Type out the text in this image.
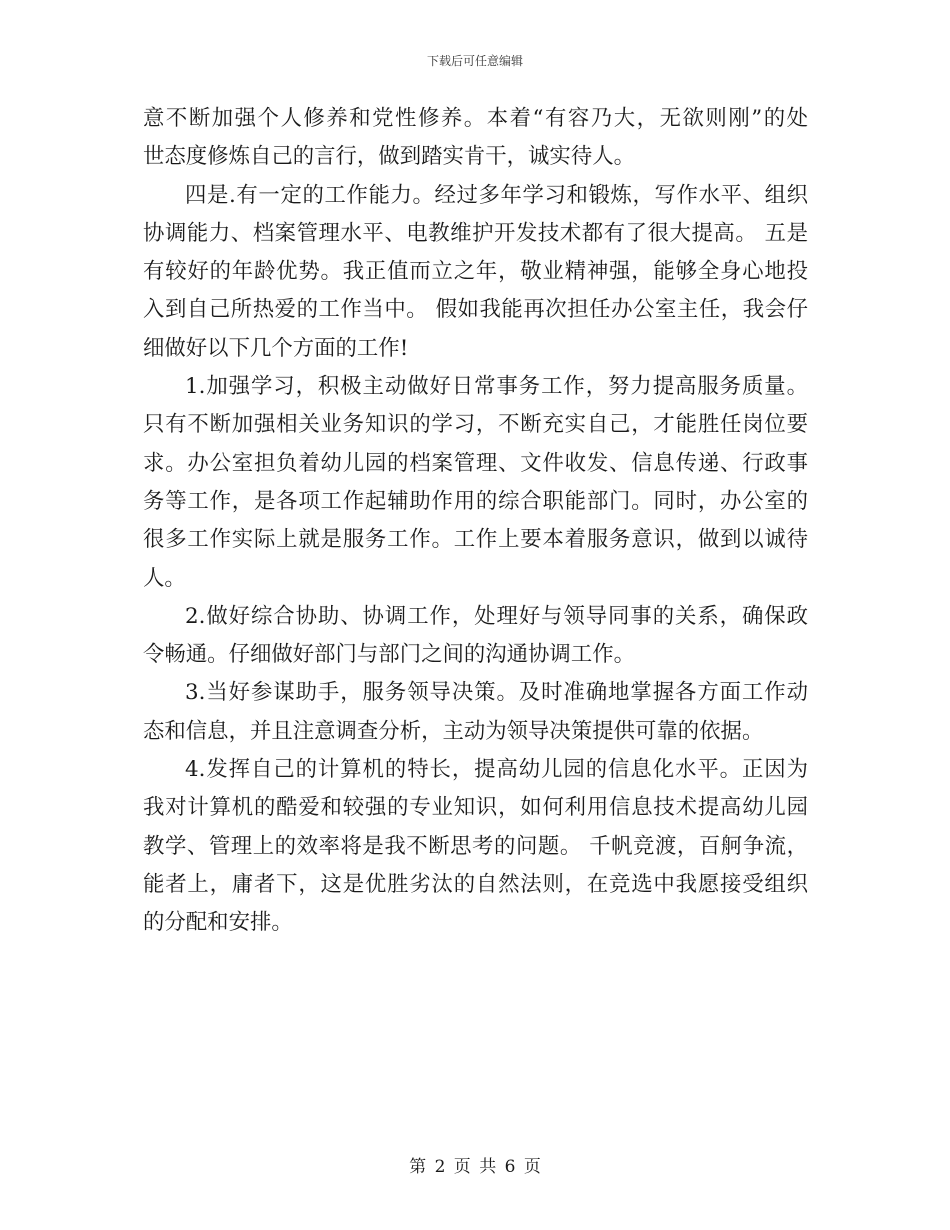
下载后可任意编辑
意不断加强个人修养和党性修养。本着“有容乃大，无欲则刚”的处
世态度修炼自己的言行，做到踏实肯干，诚实待人。
四是.有一定的工作能力。经过多年学习和锻炼，写作水平、组织
协调能力、档案管理水平、电教维护开发技术都有了很大提高。 五是
有较好的年龄优势。我正值而立之年，敬业精神强，能够全身心地投
入到自己所热爱的工作当中。 假如我能再次担任办公室主任，我会仔
细做好以下几个方面的工作!
1.加强学习，积极主动做好日常事务工作，努力提高服务质量。
只有不断加强相关业务知识的学习，不断充实自己，才能胜任岗位要
求。办公室担负着幼儿园的档案管理、文件收发、信息传递、行政事
务等工作，是各项工作起辅助作用的综合职能部门。同时，办公室的
很多工作实际上就是服务工作。工作上要本着服务意识，做到以诚待
人。
2.做好综合协助、协调工作，处理好与领导同事的关系，确保政
令畅通。仔细做好部门与部门之间的沟通协调工作。
3.当好参谋助手，服务领导决策。及时准确地掌握各方面工作动
态和信息，并且注意调查分析，主动为领导决策提供可靠的依据。
4.发挥自己的计算机的特长，提高幼儿园的信息化水平。正因为
我对计算机的酷爱和较强的专业知识，如何利用信息技术提高幼儿园
教学、管理上的效率将是我不断思考的问题。 千帆竞渡，百舸争流，
能者上，庸者下，这是优胜劣汰的自然法则，在竞选中我愿接受组织
的分配和安排。
第 2 页 共 6 页
